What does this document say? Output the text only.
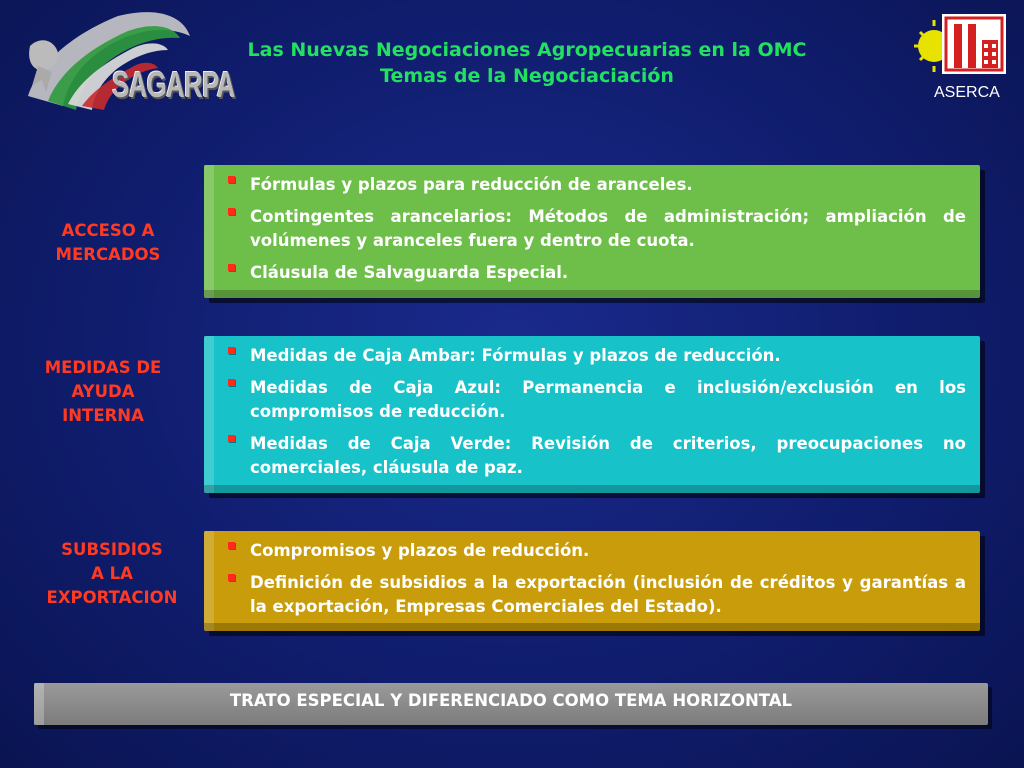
SAGARPA
Las Nuevas Negociaciones Agropecuarias en la OMC
Temas de la Negociaciación
ASERCA
ACCESO A
MERCADOS
Fórmulas y plazos para reducción de aranceles.
Contingentes arancelarios: Métodos de administración; ampliación de volúmenes y aranceles fuera y dentro de cuota.
Cláusula de Salvaguarda Especial.
MEDIDAS DE
AYUDA
INTERNA
Medidas de Caja Ambar: Fórmulas y plazos de reducción.
Medidas de Caja Azul: Permanencia e inclusión/exclusión en los compromisos de reducción.
Medidas de Caja Verde: Revisión de criterios, preocupaciones no comerciales, cláusula de paz.
SUBSIDIOS
A LA
EXPORTACION
Compromisos y plazos de reducción.
Definición de subsidios a la exportación (inclusión de créditos y garantías a la exportación, Empresas Comerciales del Estado).
TRATO ESPECIAL Y DIFERENCIADO COMO TEMA HORIZONTAL
